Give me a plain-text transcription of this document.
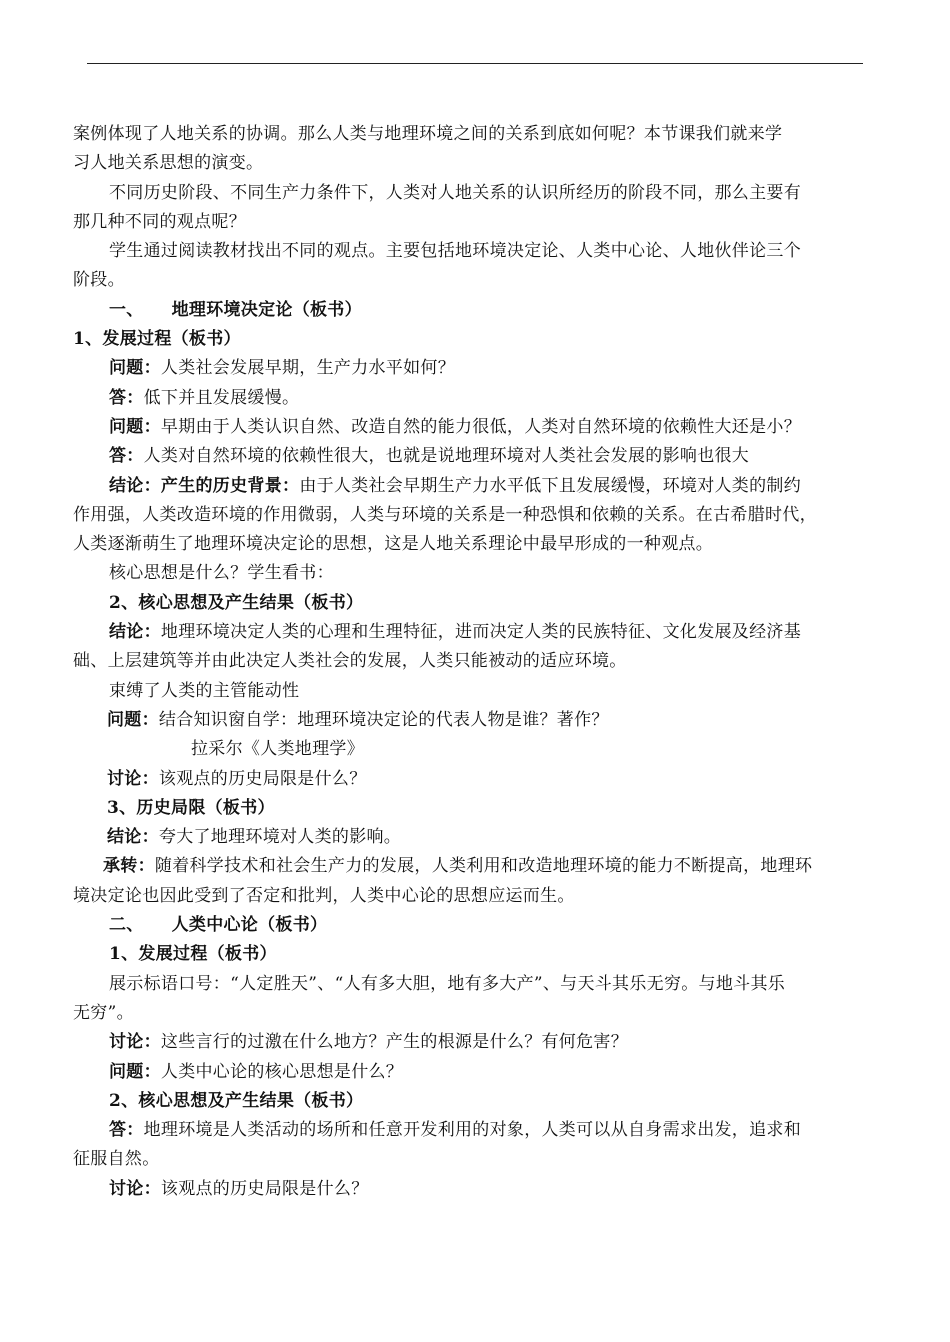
案例体现了人地关系的协调。那么人类与地理环境之间的关系到底如何呢？本节课我们就来学
习人地关系思想的演变。
不同历史阶段、不同生产力条件下，人类对人地关系的认识所经历的阶段不同，那么主要有
那几种不同的观点呢？
学生通过阅读教材找出不同的观点。主要包括地环境决定论、人类中心论、人地伙伴论三个
阶段。
一、 地理环境决定论（板书）
1、发展过程（板书）
问题：人类社会发展早期，生产力水平如何？
答：低下并且发展缓慢。
问题：早期由于人类认识自然、改造自然的能力很低，人类对自然环境的依赖性大还是小？
答：人类对自然环境的依赖性很大，也就是说地理环境对人类社会发展的影响也很大
结论：产生的历史背景：由于人类社会早期生产力水平低下且发展缓慢，环境对人类的制约
作用强，人类改造环境的作用微弱，人类与环境的关系是一种恐惧和依赖的关系。在古希腊时代，
人类逐渐萌生了地理环境决定论的思想，这是人地关系理论中最早形成的一种观点。
核心思想是什么？学生看书：
2、核心思想及产生结果（板书）
结论：地理环境决定人类的心理和生理特征，进而决定人类的民族特征、文化发展及经济基
础、上层建筑等并由此决定人类社会的发展，人类只能被动的适应环境。
束缚了人类的主管能动性
问题：结合知识窗自学：地理环境决定论的代表人物是谁？著作？
拉采尔《人类地理学》
讨论：该观点的历史局限是什么？
3、历史局限（板书）
结论：夸大了地理环境对人类的影响。
承转：随着科学技术和社会生产力的发展，人类利用和改造地理环境的能力不断提高，地理环
境决定论也因此受到了否定和批判，人类中心论的思想应运而生。
二、 人类中心论（板书）
1、发展过程（板书）
展示标语口号：“人定胜天”、“人有多大胆，地有多大产”、与天斗其乐无穷。与地斗其乐
无穷”。
讨论：这些言行的过激在什么地方？产生的根源是什么？有何危害？
问题：人类中心论的核心思想是什么？
2、核心思想及产生结果（板书）
答：地理环境是人类活动的场所和任意开发利用的对象，人类可以从自身需求出发，追求和
征服自然。
讨论：该观点的历史局限是什么？
